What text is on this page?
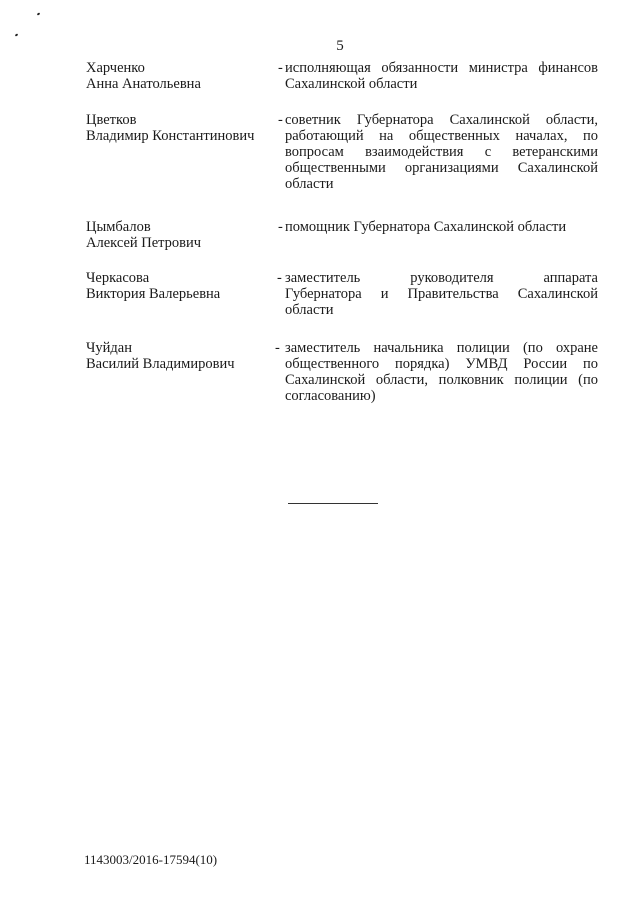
5
Харченко
Анна Анатольевна
- исполняющая обязанности министра финансов
Сахалинской области
Цветков
Владимир Константинович
- советник Губернатора Сахалинской области,
работающий на общественных началах, по
вопросам взаимодействия с ветеранскими
общественными организациями Сахалинской
области
Цымбалов
Алексей Петрович
- помощник Губернатора Сахалинской области
Черкасова
Виктория Валерьевна
- заместитель руководителя аппарата
Губернатора и Правительства Сахалинской
области
Чуйдан
Василий Владимирович
- заместитель начальника полиции (по охране
общественного порядка) УМВД России по
Сахалинской области, полковник полиции (по
согласованию)
1143003/2016-17594(10)
